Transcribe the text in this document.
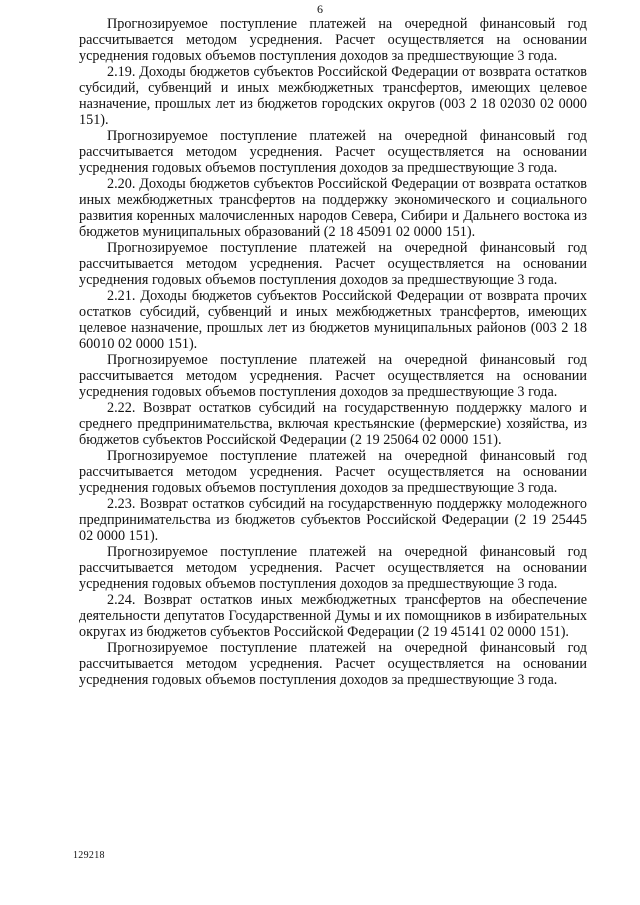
6

Прогнозируемое поступление платежей на очередной финансовый год рассчитывается методом усреднения. Расчет осуществляется на основании усреднения годовых объемов поступления доходов за предшествующие 3 года.

2.19. Доходы бюджетов субъектов Российской Федерации от возврата остатков субсидий, субвенций и иных межбюджетных трансфертов, имеющих целевое назначение, прошлых лет из бюджетов городских округов (003 2 18 02030 02 0000 151).

Прогнозируемое поступление платежей на очередной финансовый год рассчитывается методом усреднения. Расчет осуществляется на основании усреднения годовых объемов поступления доходов за предшествующие 3 года.

2.20. Доходы бюджетов субъектов Российской Федерации от возврата остатков иных межбюджетных трансфертов на поддержку экономического и социального развития коренных малочисленных народов Севера, Сибири и Дальнего востока из бюджетов муниципальных образований (2 18 45091 02 0000 151).

Прогнозируемое поступление платежей на очередной финансовый год рассчитывается методом усреднения. Расчет осуществляется на основании усреднения годовых объемов поступления доходов за предшествующие 3 года.

2.21. Доходы бюджетов субъектов Российской Федерации от возврата прочих остатков субсидий, субвенций и иных межбюджетных трансфертов, имеющих целевое назначение, прошлых лет из бюджетов муниципальных районов (003 2 18 60010 02 0000 151).

Прогнозируемое поступление платежей на очередной финансовый год рассчитывается методом усреднения. Расчет осуществляется на основании усреднения годовых объемов поступления доходов за предшествующие 3 года.

2.22. Возврат остатков субсидий на государственную поддержку малого и среднего предпринимательства, включая крестьянские (фермерские) хозяйства, из бюджетов субъектов Российской Федерации (2 19 25064 02 0000 151).

Прогнозируемое поступление платежей на очередной финансовый год рассчитывается методом усреднения. Расчет осуществляется на основании усреднения годовых объемов поступления доходов за предшествующие 3 года.

2.23. Возврат остатков субсидий на государственную поддержку молодежного предпринимательства из бюджетов субъектов Российской Федерации (2 19 25445 02 0000 151).

Прогнозируемое поступление платежей на очередной финансовый год рассчитывается методом усреднения. Расчет осуществляется на основании усреднения годовых объемов поступления доходов за предшествующие 3 года.

2.24. Возврат остатков иных межбюджетных трансфертов на обеспечение деятельности депутатов Государственной Думы и их помощников в избирательных округах из бюджетов субъектов Российской Федерации (2 19 45141 02 0000 151).

Прогнозируемое поступление платежей на очередной финансовый год рассчитывается методом усреднения. Расчет осуществляется на основании усреднения годовых объемов поступления доходов за предшествующие 3 года.

129218
